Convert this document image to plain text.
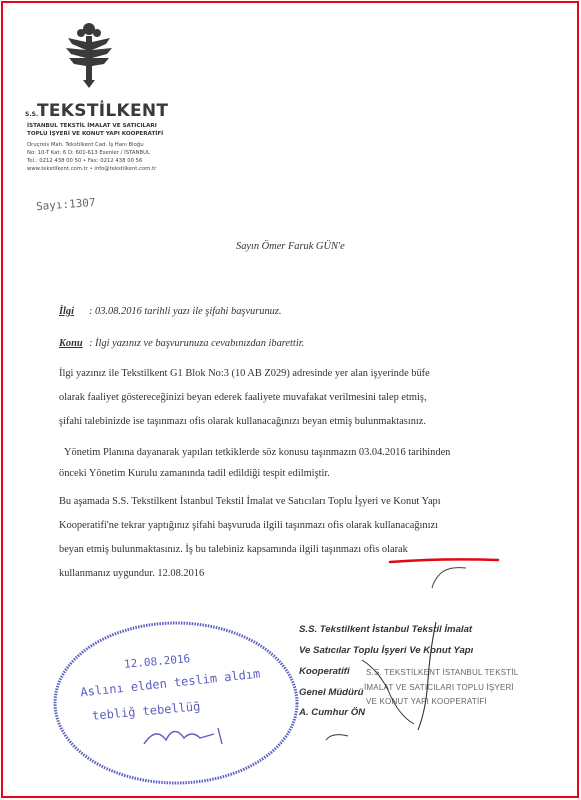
S.S.
TEKSTİLKENT
İSTANBUL TEKSTİL İMALAT VE SATICILARI
TOPLU İŞYERİ VE KONUT YAPI KOOPERATİFİ
Oruçreis Mah. Tekstilkent Cad. İş Hanı Bloğu
No: 10-T Kat: 6 D: 601-613 Esenler / İSTANBUL
Tel.: 0212 438 00 50 • Fax: 0212 438 00 56
www.tekstilkent.com.tr • info@tekstilkent.com.tr
Sayı:1307
Sayın Ömer Faruk GÜN'e
İlgi : 03.08.2016 tarihli yazı ile şifahi başvurunuz.
Konu : İlgi yazınız ve başvurunuza cevabınızdan ibarettir.
İlgi yazınız ile Tekstilkent G1 Blok No:3 (10 AB Z029) adresinde yer alan işyerinde büfe
olarak faaliyet göstereceğinizi beyan ederek faaliyete muvafakat verilmesini talep etmiş,
şifahi talebinizde ise taşınmazı ofis olarak kullanacağınızı beyan etmiş bulunmaktasınız.
Yönetim Planına dayanarak yapılan tetkiklerde söz konusu taşınmazın 03.04.2016 tarihinden
önceki Yönetim Kurulu zamanında tadil edildiği tespit edilmiştir.
Bu aşamada S.S. Tekstilkent İstanbul Tekstil İmalat ve Satıcıları Toplu İşyeri ve Konut Yapı
Kooperatifi'ne tekrar yaptığınız şifahi başvuruda ilgili taşınmazı ofis olarak kullanacağınızı
beyan etmiş bulunmaktasınız. İş bu talebiniz kapsamında ilgili taşınmazı ofis olarak
kullanmanız uygundur. 12.08.2016
S.S. Tekstilkent İstanbul Tekstil İmalat
Ve Satıcılar Toplu İşyeri Ve Konut Yapı
Kooperatifi
Genel Müdürü
A. Cumhur ÖN
S.S. TEKSTİLKENT İSTANBUL TEKSTİL
İMALAT VE SATICILARI TOPLU İŞYERİ
VE KONUT YAPI KOOPERATİFİ
12.08.2016
Aslını elden teslim aldım
tebliğ tebellüğ
